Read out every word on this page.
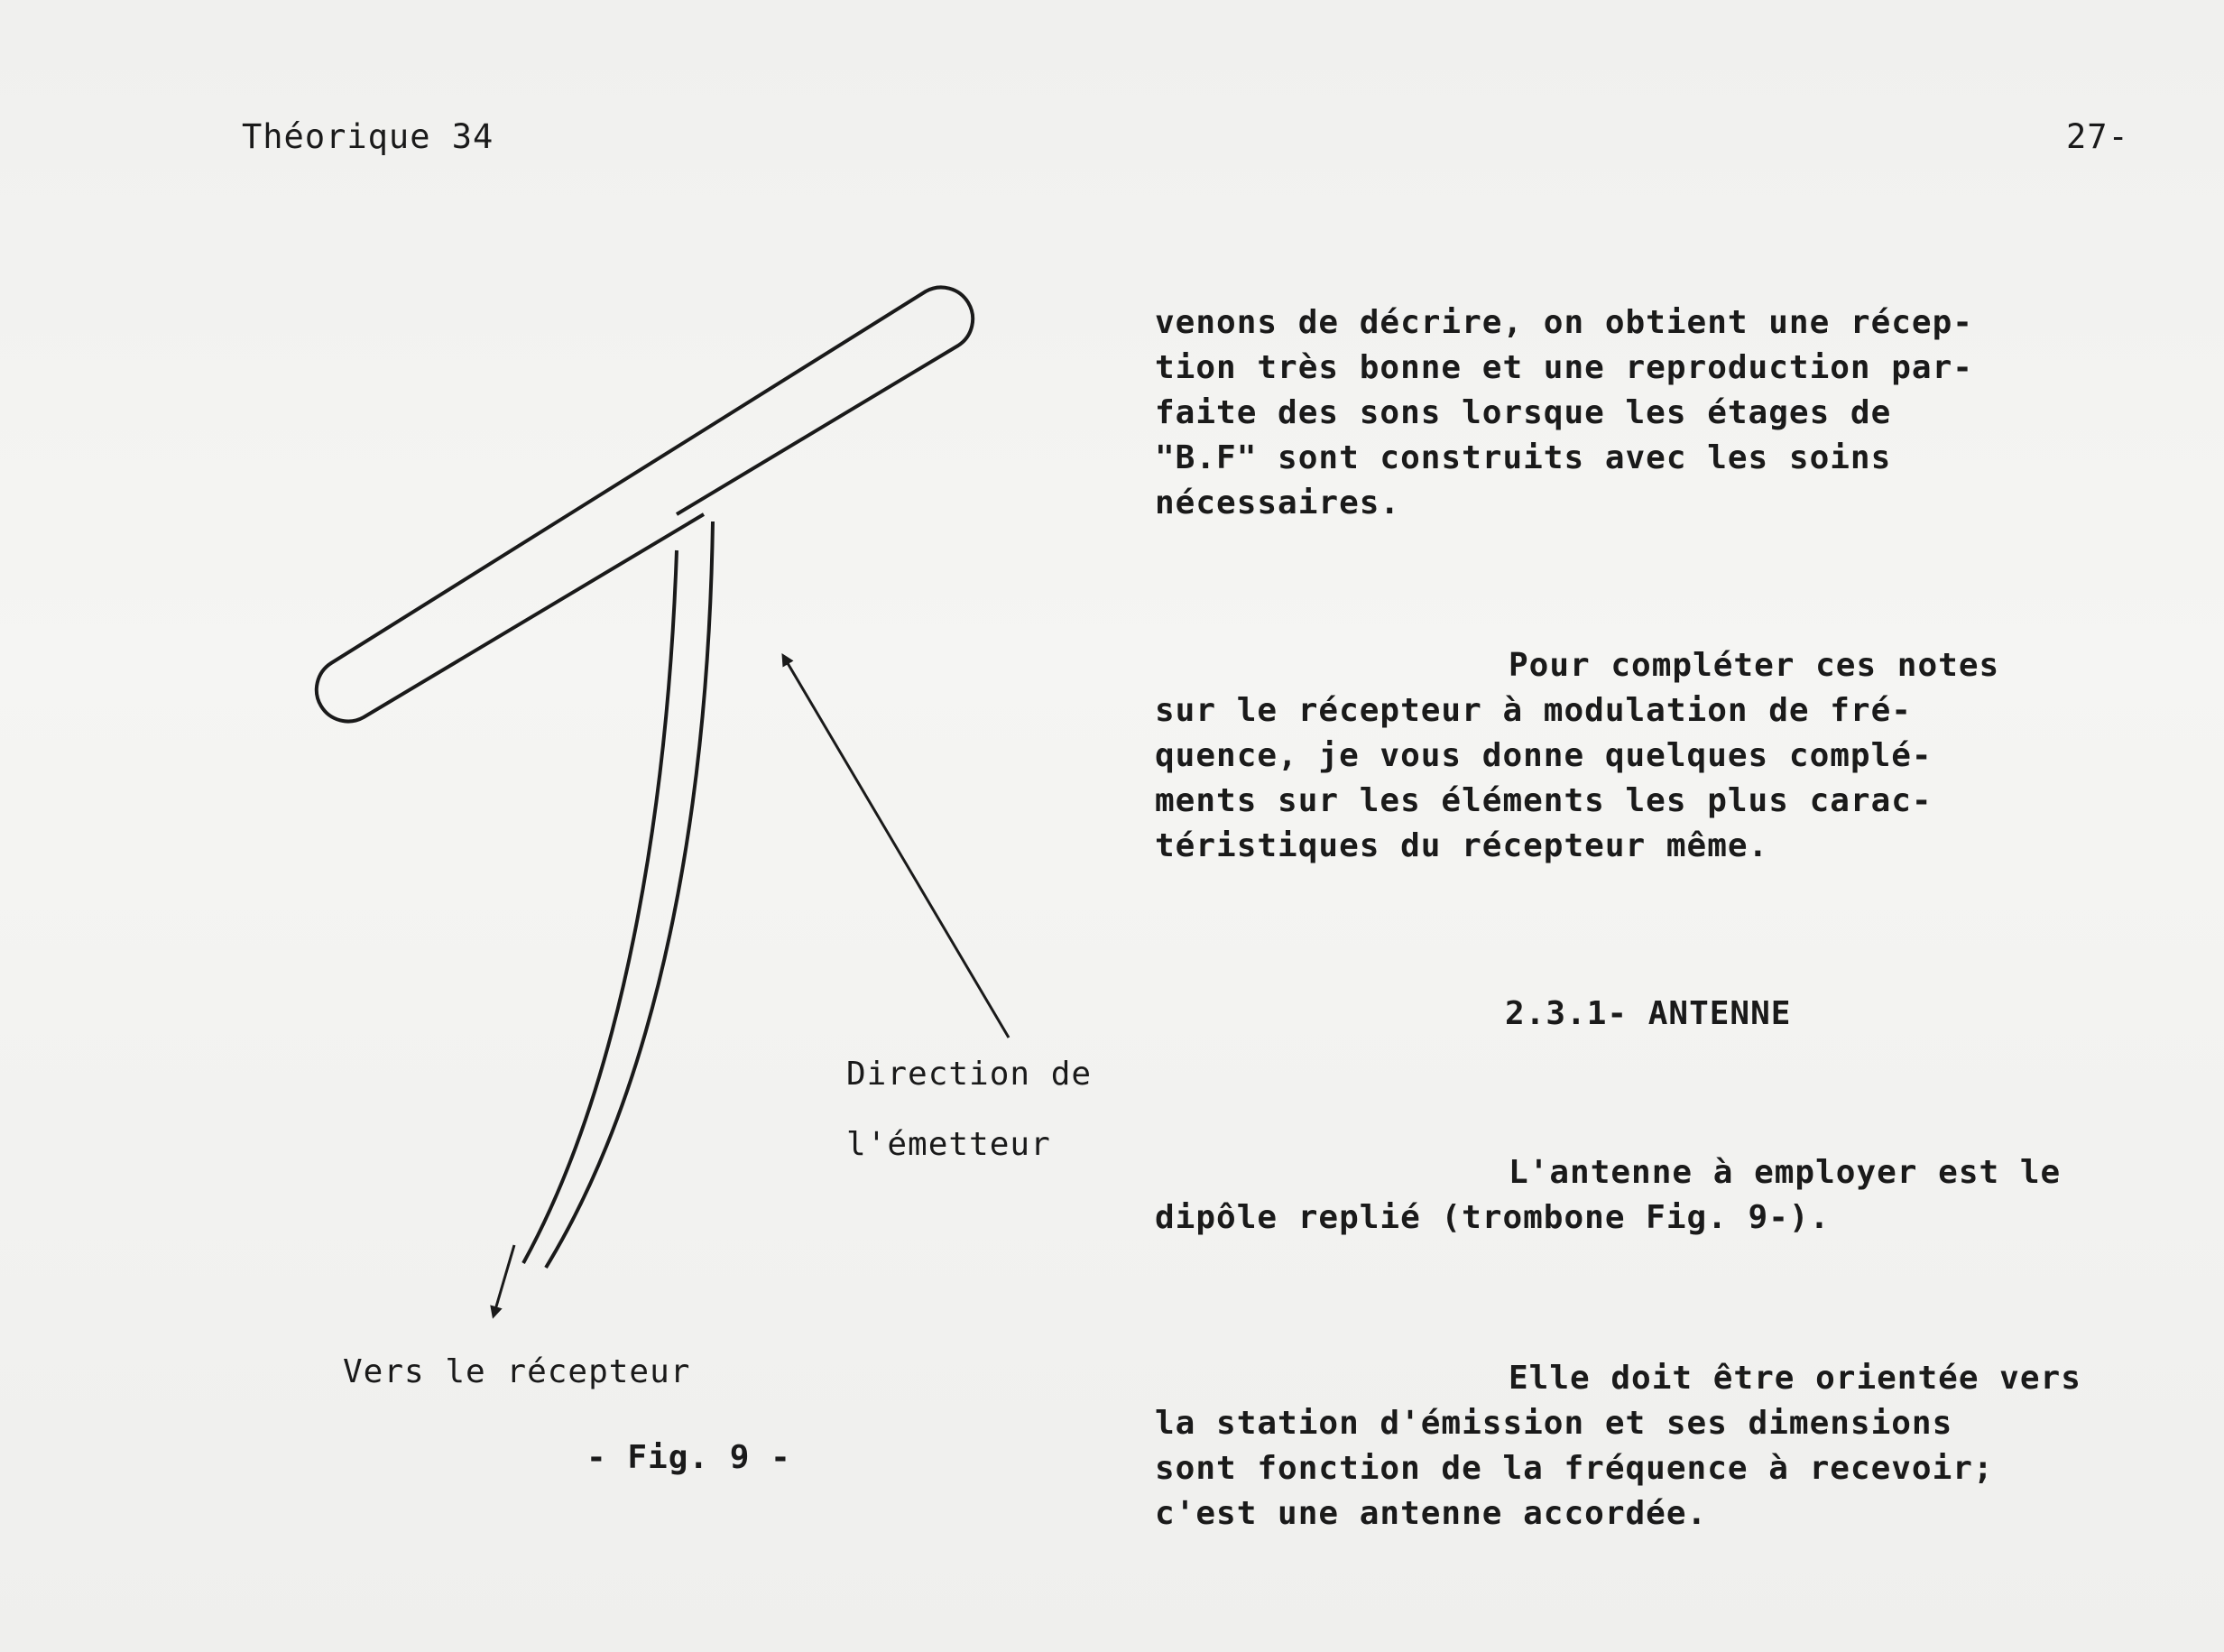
Théorique 34	27-
Direction de
l'émetteur
Vers le récepteur
- Fig. 9 -
venons de décrire, on obtient une récep-
tion très bonne et une reproduction par-
faite des sons lorsque les étages de
"B.F" sont construits avec les soins
nécessaires.
Pour compléter ces notes
sur le récepteur à modulation de fré-
quence, je vous donne quelques complé-
ments sur les éléments les plus carac-
téristiques du récepteur même.
2.3.1- ANTENNE
L'antenne à employer est le
dipôle replié (trombone Fig. 9-).
Elle doit être orientée vers
la station d'émission et ses dimensions
sont fonction de la fréquence à recevoir;
c'est une antenne accordée.
